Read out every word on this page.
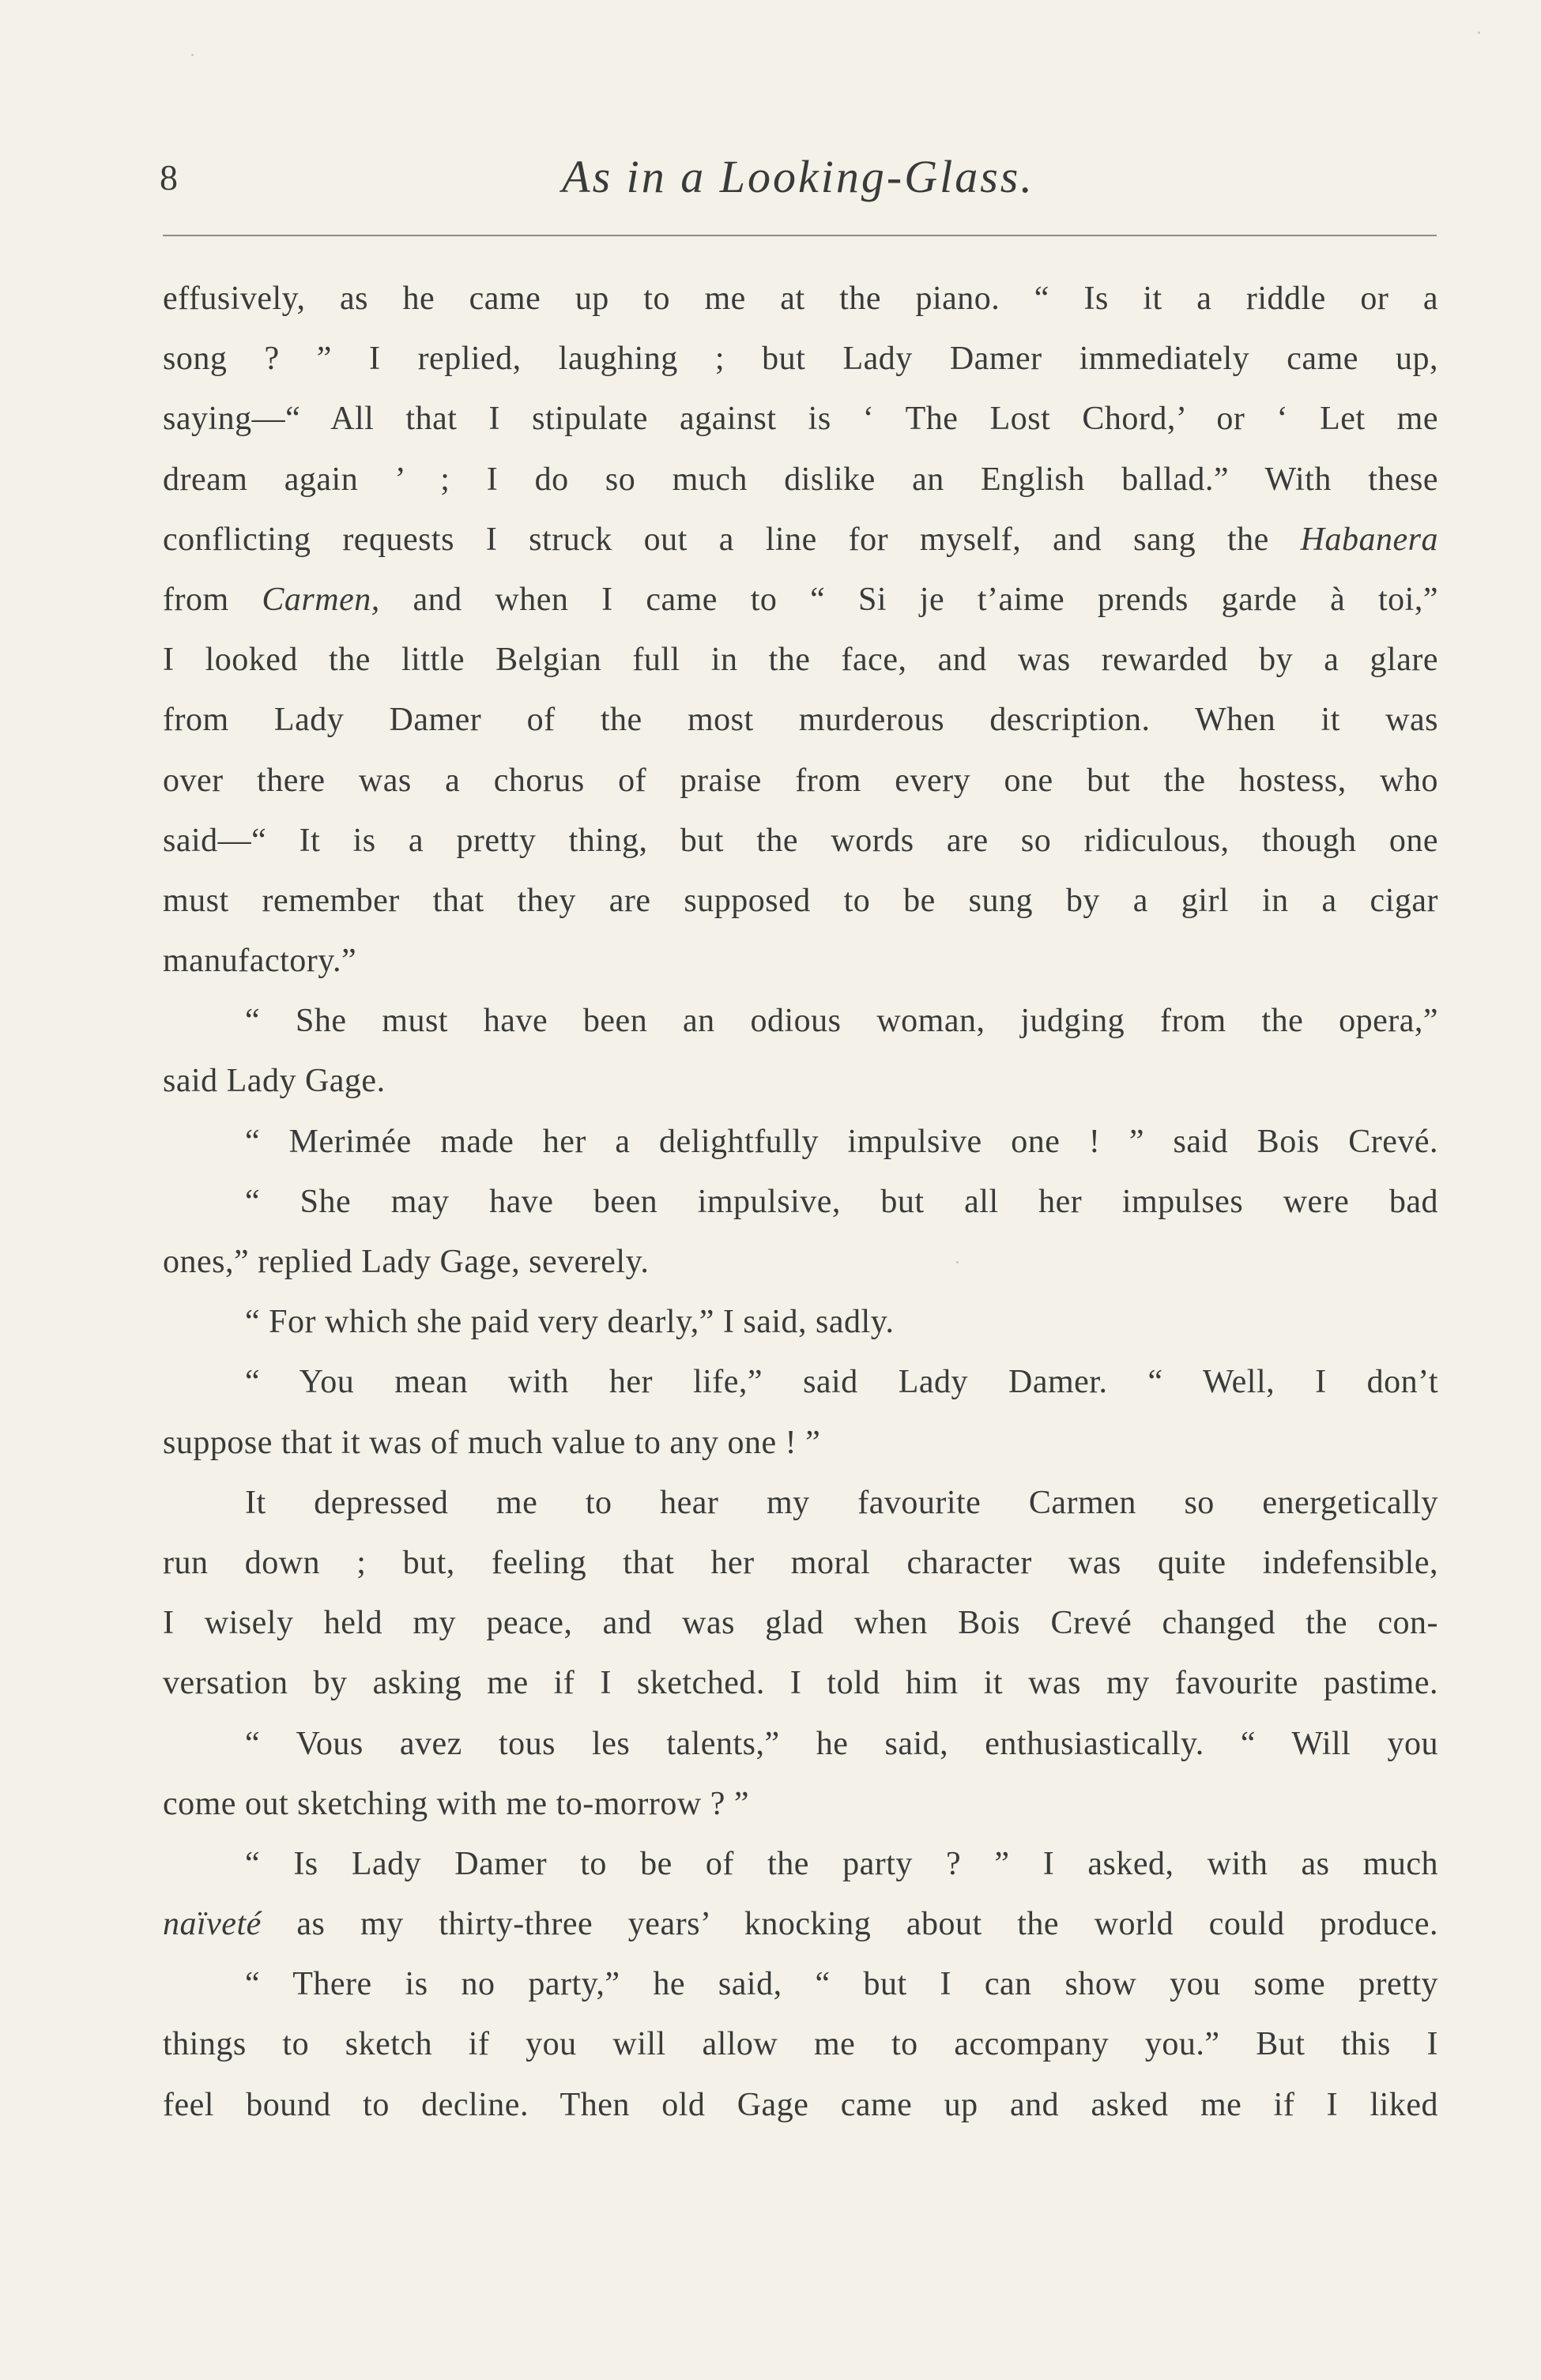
8	As in a Looking-Glass.
effusively, as he came up to me at the piano. “ Is it a riddle or a
song ? ” I replied, laughing ; but Lady Damer immediately came up,
saying—“ All that I stipulate against is ‘ The Lost Chord,’ or ‘ Let me
dream again ’ ; I do so much dislike an English ballad.” With these
conflicting requests I struck out a line for myself, and sang the Habanera
from Carmen, and when I came to “ Si je t’aime prends garde à toi,”
I looked the little Belgian full in the face, and was rewarded by a glare
from Lady Damer of the most murderous description. When it was
over there was a chorus of praise from every one but the hostess, who
said—“ It is a pretty thing, but the words are so ridiculous, though one
must remember that they are supposed to be sung by a girl in a cigar
manufactory.”
“ She must have been an odious woman, judging from the opera,”
said Lady Gage.
“ Merimée made her a delightfully impulsive one ! ” said Bois Crevé.
“ She may have been impulsive, but all her impulses were bad
ones,” replied Lady Gage, severely.
“ For which she paid very dearly,” I said, sadly.
“ You mean with her life,” said Lady Damer. “ Well, I don’t
suppose that it was of much value to any one ! ”
It depressed me to hear my favourite Carmen so energetically
run down ; but, feeling that her moral character was quite indefensible,
I wisely held my peace, and was glad when Bois Crevé changed the con-
versation by asking me if I sketched. I told him it was my favourite pastime.
“ Vous avez tous les talents,” he said, enthusiastically. “ Will you
come out sketching with me to-morrow ? ”
“ Is Lady Damer to be of the party ? ” I asked, with as much
naïveté as my thirty-three years’ knocking about the world could produce.
“ There is no party,” he said, “ but I can show you some pretty
things to sketch if you will allow me to accompany you.” But this I
feel bound to decline. Then old Gage came up and asked me if I liked
